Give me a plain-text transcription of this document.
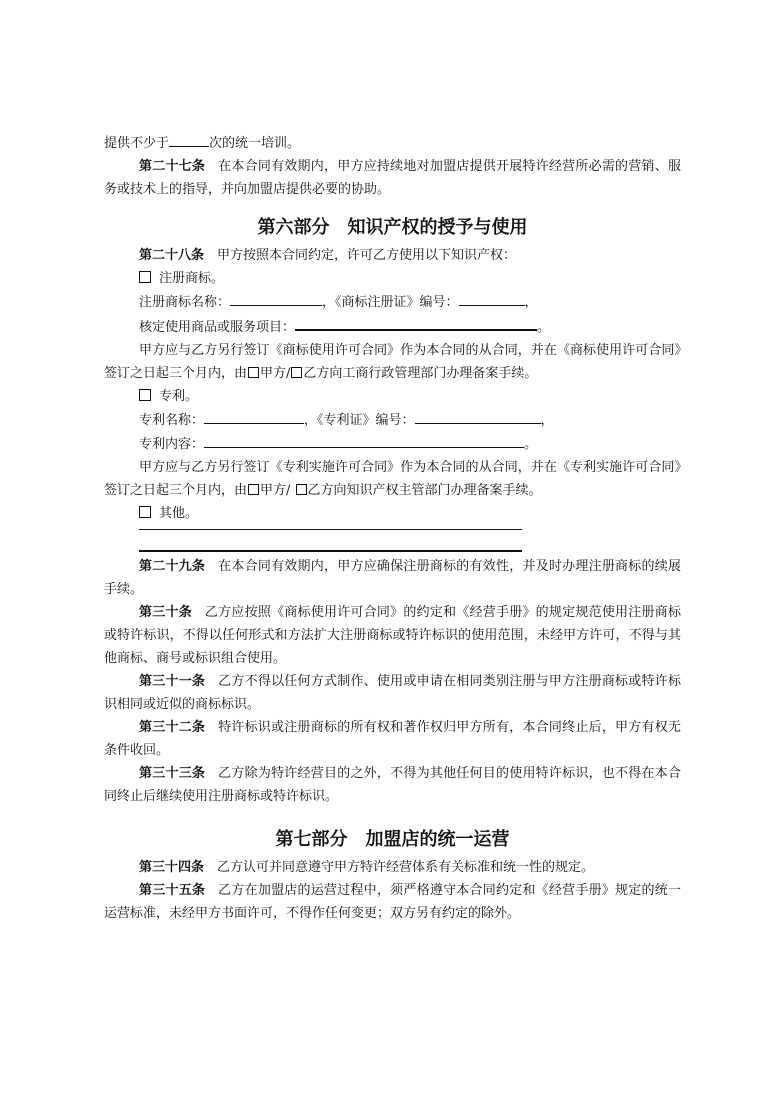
提供不少于	次的统一培训。

第二十七条 在本合同有效期内，甲方应持续地对加盟店提供开展特许经营所必需的营销、服务或技术上的指导，并向加盟店提供必要的协助。

第六部分 知识产权的授予与使用

第二十八条 甲方按照本合同约定，许可乙方使用以下知识产权：

注册商标。

注册商标名称：	，《商标注册证》编号：	，

核定使用商品或服务项目：	。

甲方应与乙方另行签订《商标使用许可合同》作为本合同的从合同，并在《商标使用许可合同》签订之日起三个月内，由 甲方/ 乙方向工商行政管理部门办理备案手续。

专利。

专利名称：	，《专利证》编号：	，

专利内容：	。

甲方应与乙方另行签订《专利实施许可合同》作为本合同的从合同，并在《专利实施许可合同》签订之日起三个月内，由 甲方/ 乙方向知识产权主管部门办理备案手续。

其他。

第二十九条 在本合同有效期内，甲方应确保注册商标的有效性，并及时办理注册商标的续展手续。

第三十条 乙方应按照《商标使用许可合同》的约定和《经营手册》的规定规范使用注册商标或特许标识，不得以任何形式和方法扩大注册商标或特许标识的使用范围，未经甲方许可，不得与其他商标、商号或标识组合使用。

第三十一条 乙方不得以任何方式制作、使用或申请在相同类别注册与甲方注册商标或特许标识相同或近似的商标标识。

第三十二条 特许标识或注册商标的所有权和著作权归甲方所有，本合同终止后，甲方有权无条件收回。

第三十三条 乙方除为特许经营目的之外，不得为其他任何目的使用特许标识，也不得在本合同终止后继续使用注册商标或特许标识。

第七部分 加盟店的统一运营

第三十四条 乙方认可并同意遵守甲方特许经营体系有关标准和统一性的规定。

第三十五条 乙方在加盟店的运营过程中，须严格遵守本合同约定和《经营手册》规定的统一运营标准，未经甲方书面许可，不得作任何变更；双方另有约定的除外。
